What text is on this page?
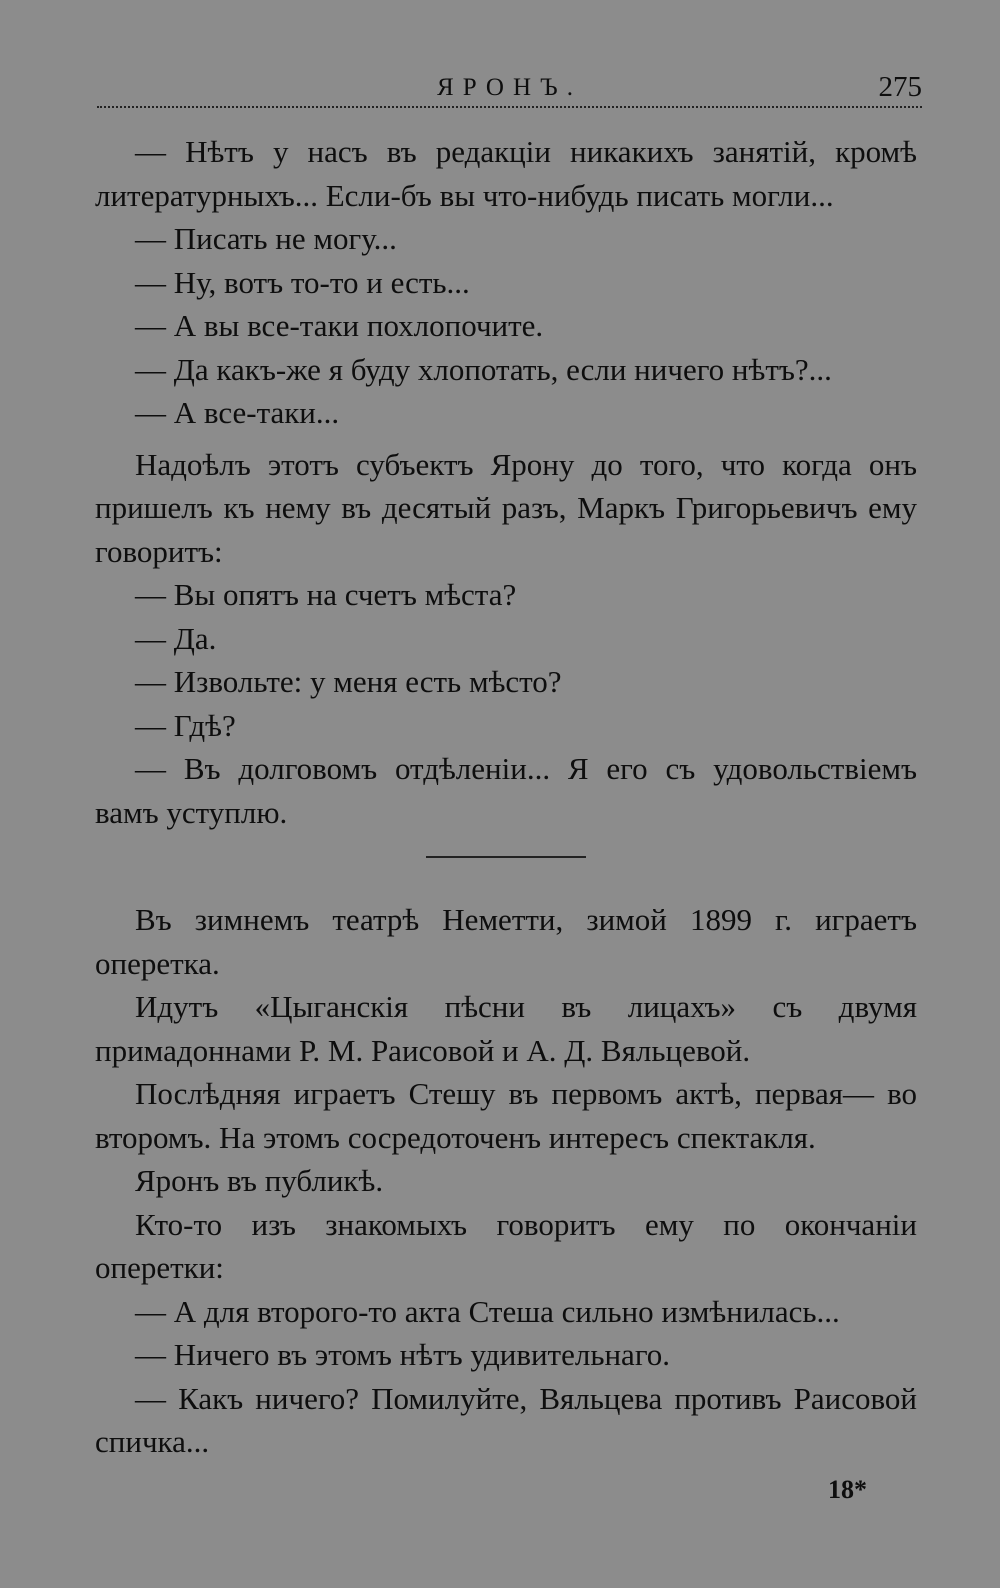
ЯРОНЪ.	275

— Нѣтъ у насъ въ редакціи никакихъ занятій, кромѣ литературныхъ... Если-бъ вы что-нибудь писать могли...

— Писать не могу...

— Ну, вотъ то-то и есть...

— А вы все-таки похлопочите.

— Да какъ-же я буду хлопотать, если ничего нѣтъ?...

— А все-таки...

Надоѣлъ этотъ субъектъ Ярону до того, что когда онъ пришелъ къ нему въ десятый разъ, Маркъ Григорьевичъ ему говоритъ:

— Вы опятъ на счетъ мѣста?

— Да.

— Извольте: у меня есть мѣсто?

— Гдѣ?

— Въ долговомъ отдѣленіи... Я его съ удовольствіемъ вамъ уступлю.

Въ зимнемъ театрѣ Неметти, зимой 1899 г. играетъ оперетка.

Идутъ «Цыганскія пѣсни въ лицахъ» съ двумя примадоннами Р. М. Раисовой и А. Д. Вяльцевой.

Послѣдняя играетъ Стешу въ первомъ актѣ, первая— во второмъ. На этомъ сосредоточенъ интересъ спектакля.

Яронъ въ публикѣ.

Кто-то изъ знакомыхъ говоритъ ему по окончаніи оперетки:

— А для второго-то акта Стеша сильно измѣнилась...

— Ничего въ этомъ нѣтъ удивительнаго.

— Какъ ничего? Помилуйте, Вяльцева противъ Раисовой спичка...

18*
